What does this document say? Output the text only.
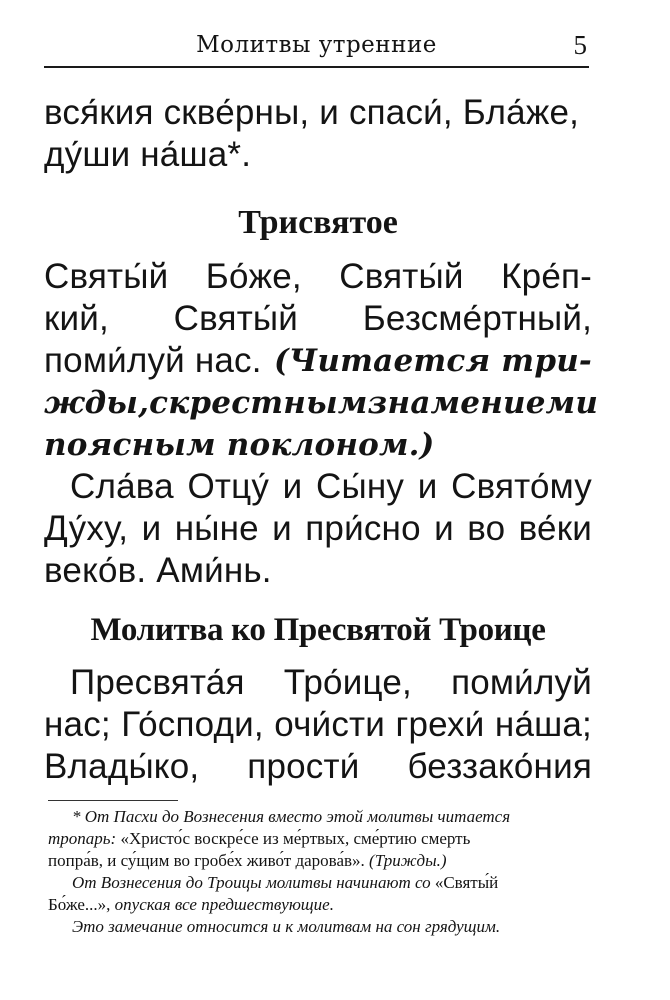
Молитвы утренние	5
вся́кия скве́рны, и спаси́, Бла́же,
ду́ши на́ша*.
Трисвятое
Святы́й Бо́же, Святы́й Кре́п-
кий, Святы́й Безсме́ртный,
поми́луй нас. (Читается три-
жды, с крестным знамением и
поясным поклоном.)
Сла́ва Отцу́ и Сы́ну и Свято́му
Ду́ху, и ны́не и при́сно и во ве́ки
веко́в. Ами́нь.
Молитва ко Пресвятой Троице
Пресвята́я Тро́ице, поми́луй
нас; Го́споди, очи́сти грехи́ на́ша;
Влады́ко, прости́ беззако́ния
* От Пасхи до Вознесения вместо этой молитвы читается
тропарь: «Христо́с воскре́се из ме́ртвых, сме́ртию смерть
попра́в, и су́щим во гробе́х живо́т дарова́в». (Трижды.)
От Вознесения до Троицы молитвы начинают со «Святы́й
Бо́же...», опуская все предшествующие.
Это замечание относится и к молитвам на сон грядущим.
